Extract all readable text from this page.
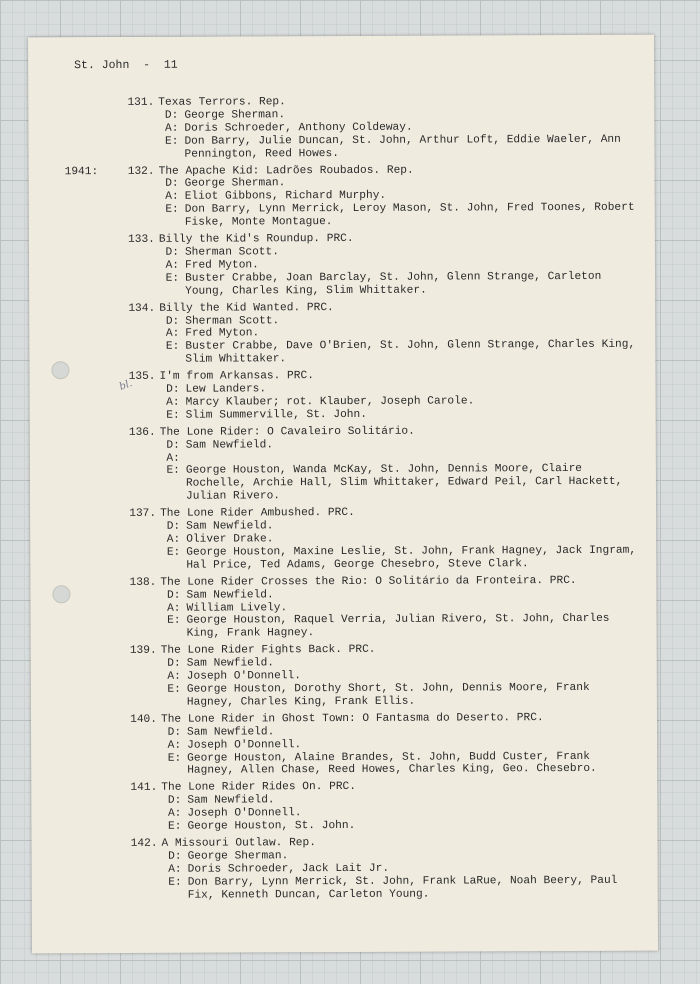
St. John  -  11
bl.
131. Texas Terrors. Rep.
D: George Sherman.
A: Doris Schroeder, Anthony Coldeway.
E: Don Barry, Julie Duncan, St. John, Arthur Loft, Eddie Waeler, Ann Pennington, Reed Howes.
1941:	132. The Apache Kid: Ladrões Roubados. Rep.
D: George Sherman.
A: Eliot Gibbons, Richard Murphy.
E: Don Barry, Lynn Merrick, Leroy Mason, St. John, Fred Toones, Robert Fiske, Monte Montague.
133. Billy the Kid's Roundup. PRC.
D: Sherman Scott.
A: Fred Myton.
E: Buster Crabbe, Joan Barclay, St. John, Glenn Strange, Carleton Young, Charles King, Slim Whittaker.
134. Billy the Kid Wanted. PRC.
D: Sherman Scott.
A: Fred Myton.
E: Buster Crabbe, Dave O'Brien, St. John, Glenn Strange, Charles King, Slim Whittaker.
135. I'm from Arkansas. PRC.
D: Lew Landers.
A: Marcy Klauber; rot. Klauber, Joseph Carole.
E: Slim Summerville, St. John.
136. The Lone Rider: O Cavaleiro Solitário.
D: Sam Newfield.
A:
E: George Houston, Wanda McKay, St. John, Dennis Moore, Claire Rochelle, Archie Hall, Slim Whittaker, Edward Peil, Carl Hackett, Julian Rivero.
137. The Lone Rider Ambushed. PRC.
D: Sam Newfield.
A: Oliver Drake.
E: George Houston, Maxine Leslie, St. John, Frank Hagney, Jack Ingram, Hal Price, Ted Adams, George Chesebro, Steve Clark.
138. The Lone Rider Crosses the Rio: O Solitário da Fronteira. PRC.
D: Sam Newfield.
A: William Lively.
E: George Houston, Raquel Verria, Julian Rivero, St. John, Charles King, Frank Hagney.
139. The Lone Rider Fights Back. PRC.
D: Sam Newfield.
A: Joseph O'Donnell.
E: George Houston, Dorothy Short, St. John, Dennis Moore, Frank Hagney, Charles King, Frank Ellis.
140. The Lone Rider in Ghost Town: O Fantasma do Deserto. PRC.
D: Sam Newfield.
A: Joseph O'Donnell.
E: George Houston, Alaine Brandes, St. John, Budd Custer, Frank Hagney, Allen Chase, Reed Howes, Charles King, Geo. Chesebro.
141. The Lone Rider Rides On. PRC.
D: Sam Newfield.
A: Joseph O'Donnell.
E: George Houston, St. John.
142. A Missouri Outlaw. Rep.
D: George Sherman.
A: Doris Schroeder, Jack Lait Jr.
E: Don Barry, Lynn Merrick, St. John, Frank LaRue, Noah Beery, Paul Fix, Kenneth Duncan, Carleton Young.
